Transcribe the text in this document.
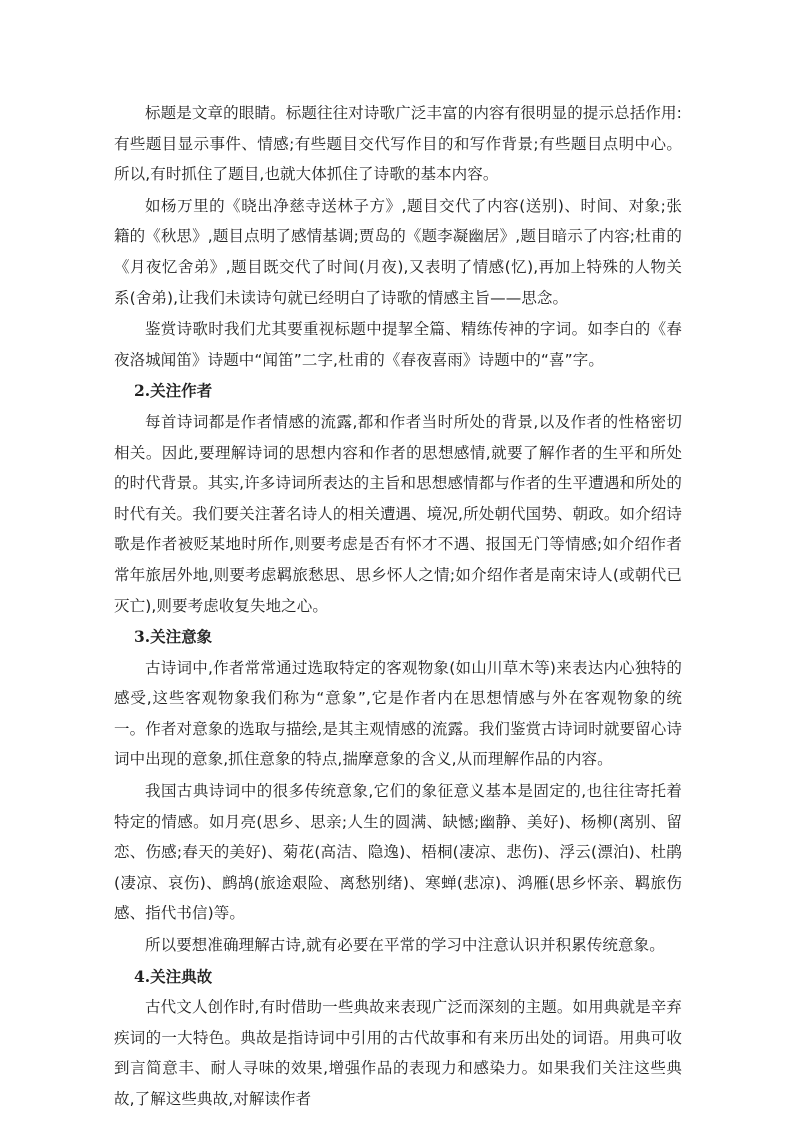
标题是文章的眼睛。标题往往对诗歌广泛丰富的内容有很明显的提示总括作用:有些题目显示事件、情感;有些题目交代写作目的和写作背景;有些题目点明中心。所以,有时抓住了题目,也就大体抓住了诗歌的基本内容。

如杨万里的《晓出净慈寺送林子方》,题目交代了内容(送别)、时间、对象;张籍的《秋思》,题目点明了感情基调;贾岛的《题李凝幽居》,题目暗示了内容;杜甫的《月夜忆舍弟》,题目既交代了时间(月夜),又表明了情感(忆),再加上特殊的人物关系(舍弟),让我们未读诗句就已经明白了诗歌的情感主旨——思念。

鉴赏诗歌时我们尤其要重视标题中提挈全篇、精练传神的字词。如李白的《春夜洛城闻笛》诗题中“闻笛”二字,杜甫的《春夜喜雨》诗题中的“喜”字。

2.关注作者

每首诗词都是作者情感的流露,都和作者当时所处的背景,以及作者的性格密切相关。因此,要理解诗词的思想内容和作者的思想感情,就要了解作者的生平和所处的时代背景。其实,许多诗词所表达的主旨和思想感情都与作者的生平遭遇和所处的时代有关。我们要关注著名诗人的相关遭遇、境况,所处朝代国势、朝政。如介绍诗歌是作者被贬某地时所作,则要考虑是否有怀才不遇、报国无门等情感;如介绍作者常年旅居外地,则要考虑羁旅愁思、思乡怀人之情;如介绍作者是南宋诗人(或朝代已灭亡),则要考虑收复失地之心。

3.关注意象

古诗词中,作者常常通过选取特定的客观物象(如山川草木等)来表达内心独特的感受,这些客观物象我们称为“意象”,它是作者内在思想情感与外在客观物象的统一。作者对意象的选取与描绘,是其主观情感的流露。我们鉴赏古诗词时就要留心诗词中出现的意象,抓住意象的特点,揣摩意象的含义,从而理解作品的内容。

我国古典诗词中的很多传统意象,它们的象征意义基本是固定的,也往往寄托着特定的情感。如月亮(思乡、思亲;人生的圆满、缺憾;幽静、美好)、杨柳(离别、留恋、伤感;春天的美好)、菊花(高洁、隐逸)、梧桐(凄凉、悲伤)、浮云(漂泊)、杜鹃(凄凉、哀伤)、鹧鸪(旅途艰险、离愁别绪)、寒蝉(悲凉)、鸿雁(思乡怀亲、羁旅伤感、指代书信)等。

所以要想准确理解古诗,就有必要在平常的学习中注意认识并积累传统意象。

4.关注典故

古代文人创作时,有时借助一些典故来表现广泛而深刻的主题。如用典就是辛弃疾词的一大特色。典故是指诗词中引用的古代故事和有来历出处的词语。用典可收到言简意丰、耐人寻味的效果,增强作品的表现力和感染力。如果我们关注这些典故,了解这些典故,对解读作者
